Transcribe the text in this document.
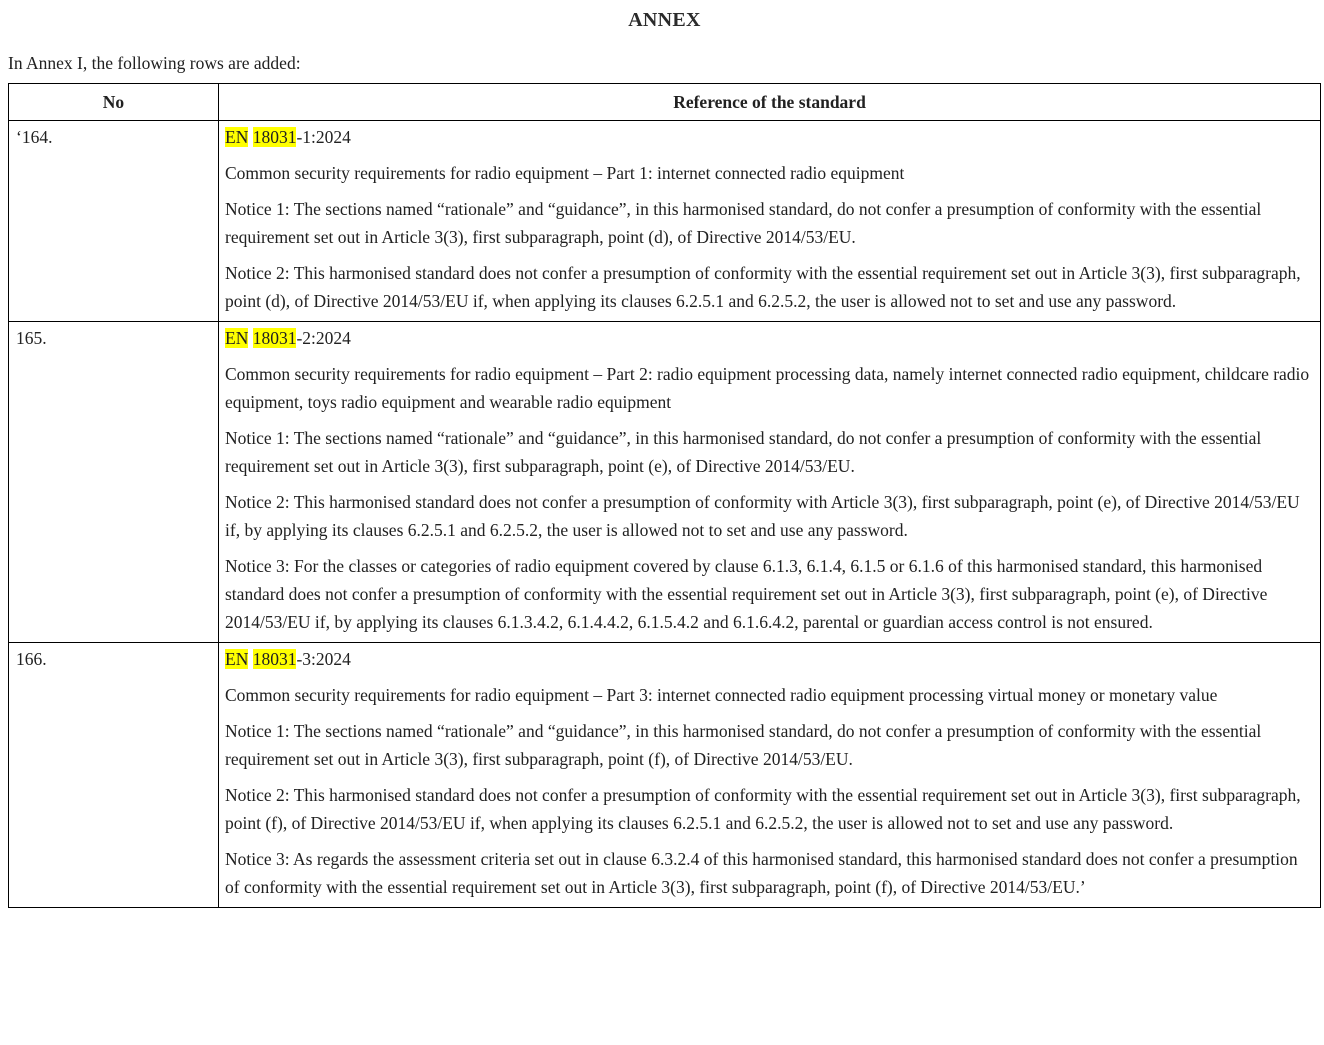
ANNEX

In Annex I, the following rows are added:

No	Reference of the standard
‘164.	EN 18031-1:2024

Common security requirements for radio equipment – Part 1: internet connected radio equipment

Notice 1: The sections named “rationale” and “guidance”, in this harmonised standard, do not confer a presumption of conformity with the essential requirement set out in Article 3(3), first subparagraph, point (d), of Directive 2014/53/EU.

Notice 2: This harmonised standard does not confer a presumption of conformity with the essential requirement set out in Article 3(3), first subparagraph, point (d), of Directive 2014/53/EU if, when applying its clauses 6.2.5.1 and 6.2.5.2, the user is allowed not to set and use any password.

165.	EN 18031-2:2024

Common security requirements for radio equipment – Part 2: radio equipment processing data, namely internet connected radio equipment, childcare radio equipment, toys radio equipment and wearable radio equipment

Notice 1: The sections named “rationale” and “guidance”, in this harmonised standard, do not confer a presumption of conformity with the essential requirement set out in Article 3(3), first subparagraph, point (e), of Directive 2014/53/EU.

Notice 2: This harmonised standard does not confer a presumption of conformity with Article 3(3), first subparagraph, point (e), of Directive 2014/53/EU if, by applying its clauses 6.2.5.1 and 6.2.5.2, the user is allowed not to set and use any password.

Notice 3: For the classes or categories of radio equipment covered by clause 6.1.3, 6.1.4, 6.1.5 or 6.1.6 of this harmonised standard, this harmonised standard does not confer a presumption of conformity with the essential requirement set out in Article 3(3), first subparagraph, point (e), of Directive 2014/53/EU if, by applying its clauses 6.1.3.4.2, 6.1.4.4.2, 6.1.5.4.2 and 6.1.6.4.2, parental or guardian access control is not ensured.

166.	EN 18031-3:2024

Common security requirements for radio equipment – Part 3: internet connected radio equipment processing virtual money or monetary value

Notice 1: The sections named “rationale” and “guidance”, in this harmonised standard, do not confer a presumption of conformity with the essential requirement set out in Article 3(3), first subparagraph, point (f), of Directive 2014/53/EU.

Notice 2: This harmonised standard does not confer a presumption of conformity with the essential requirement set out in Article 3(3), first subparagraph, point (f), of Directive 2014/53/EU if, when applying its clauses 6.2.5.1 and 6.2.5.2, the user is allowed not to set and use any password.

Notice 3: As regards the assessment criteria set out in clause 6.3.2.4 of this harmonised standard, this harmonised standard does not confer a presumption of conformity with the essential requirement set out in Article 3(3), first subparagraph, point (f), of Directive 2014/53/EU.’
